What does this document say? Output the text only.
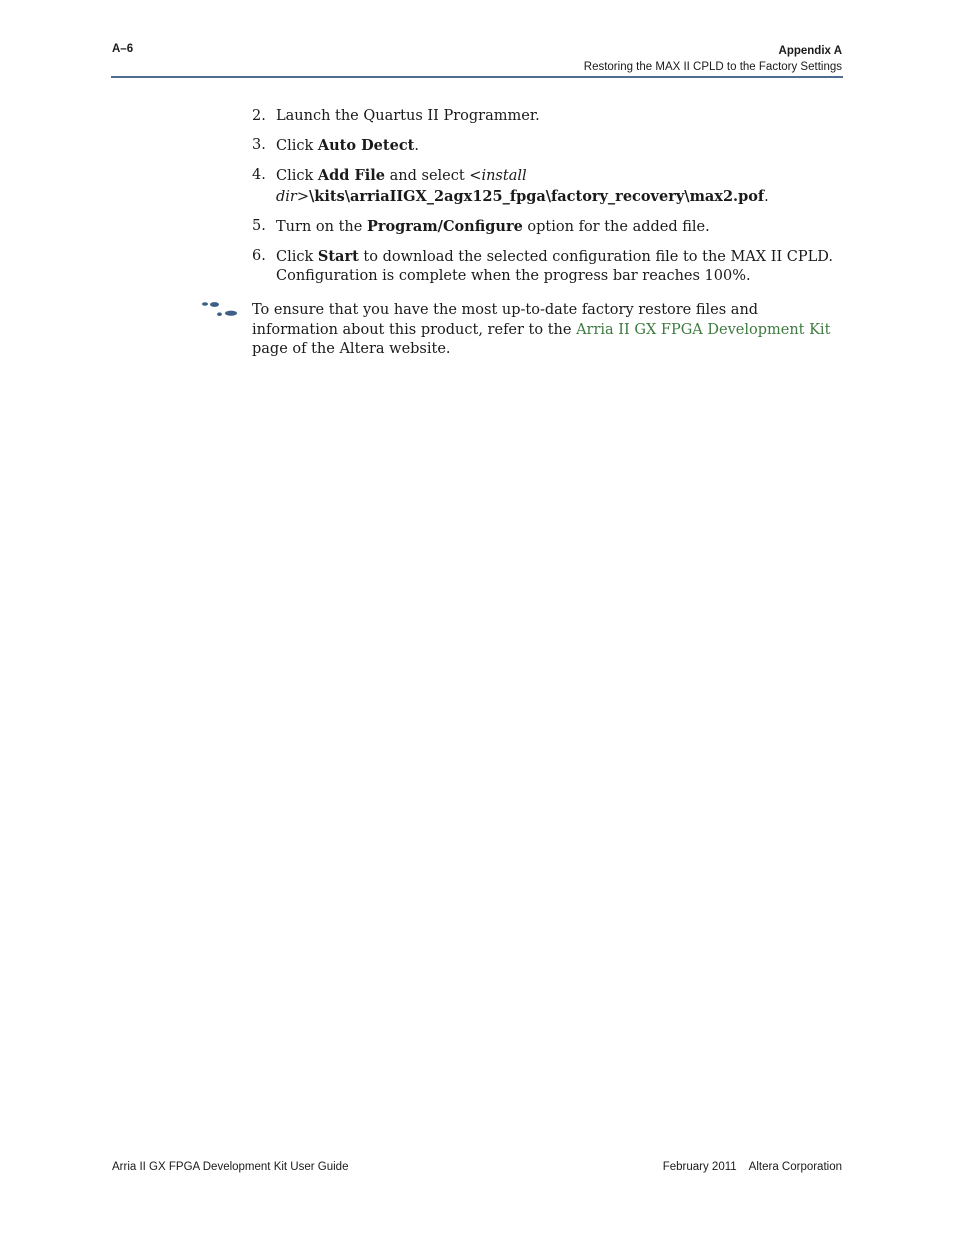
A–6	Appendix A
Restoring the MAX II CPLD to the Factory Settings
2. Launch the Quartus II Programmer.
3. Click Auto Detect.
4. Click Add File and select <install dir>\kits\arriaIIGX_2agx125_fpga\factory_recovery\max2.pof.
5. Turn on the Program/Configure option for the added file.
6. Click Start to download the selected configuration file to the MAX II CPLD. Configuration is complete when the progress bar reaches 100%.
To ensure that you have the most up-to-date factory restore files and information about this product, refer to the Arria II GX FPGA Development Kit page of the Altera website.
Arria II GX FPGA Development Kit User Guide	February 2011 Altera Corporation
